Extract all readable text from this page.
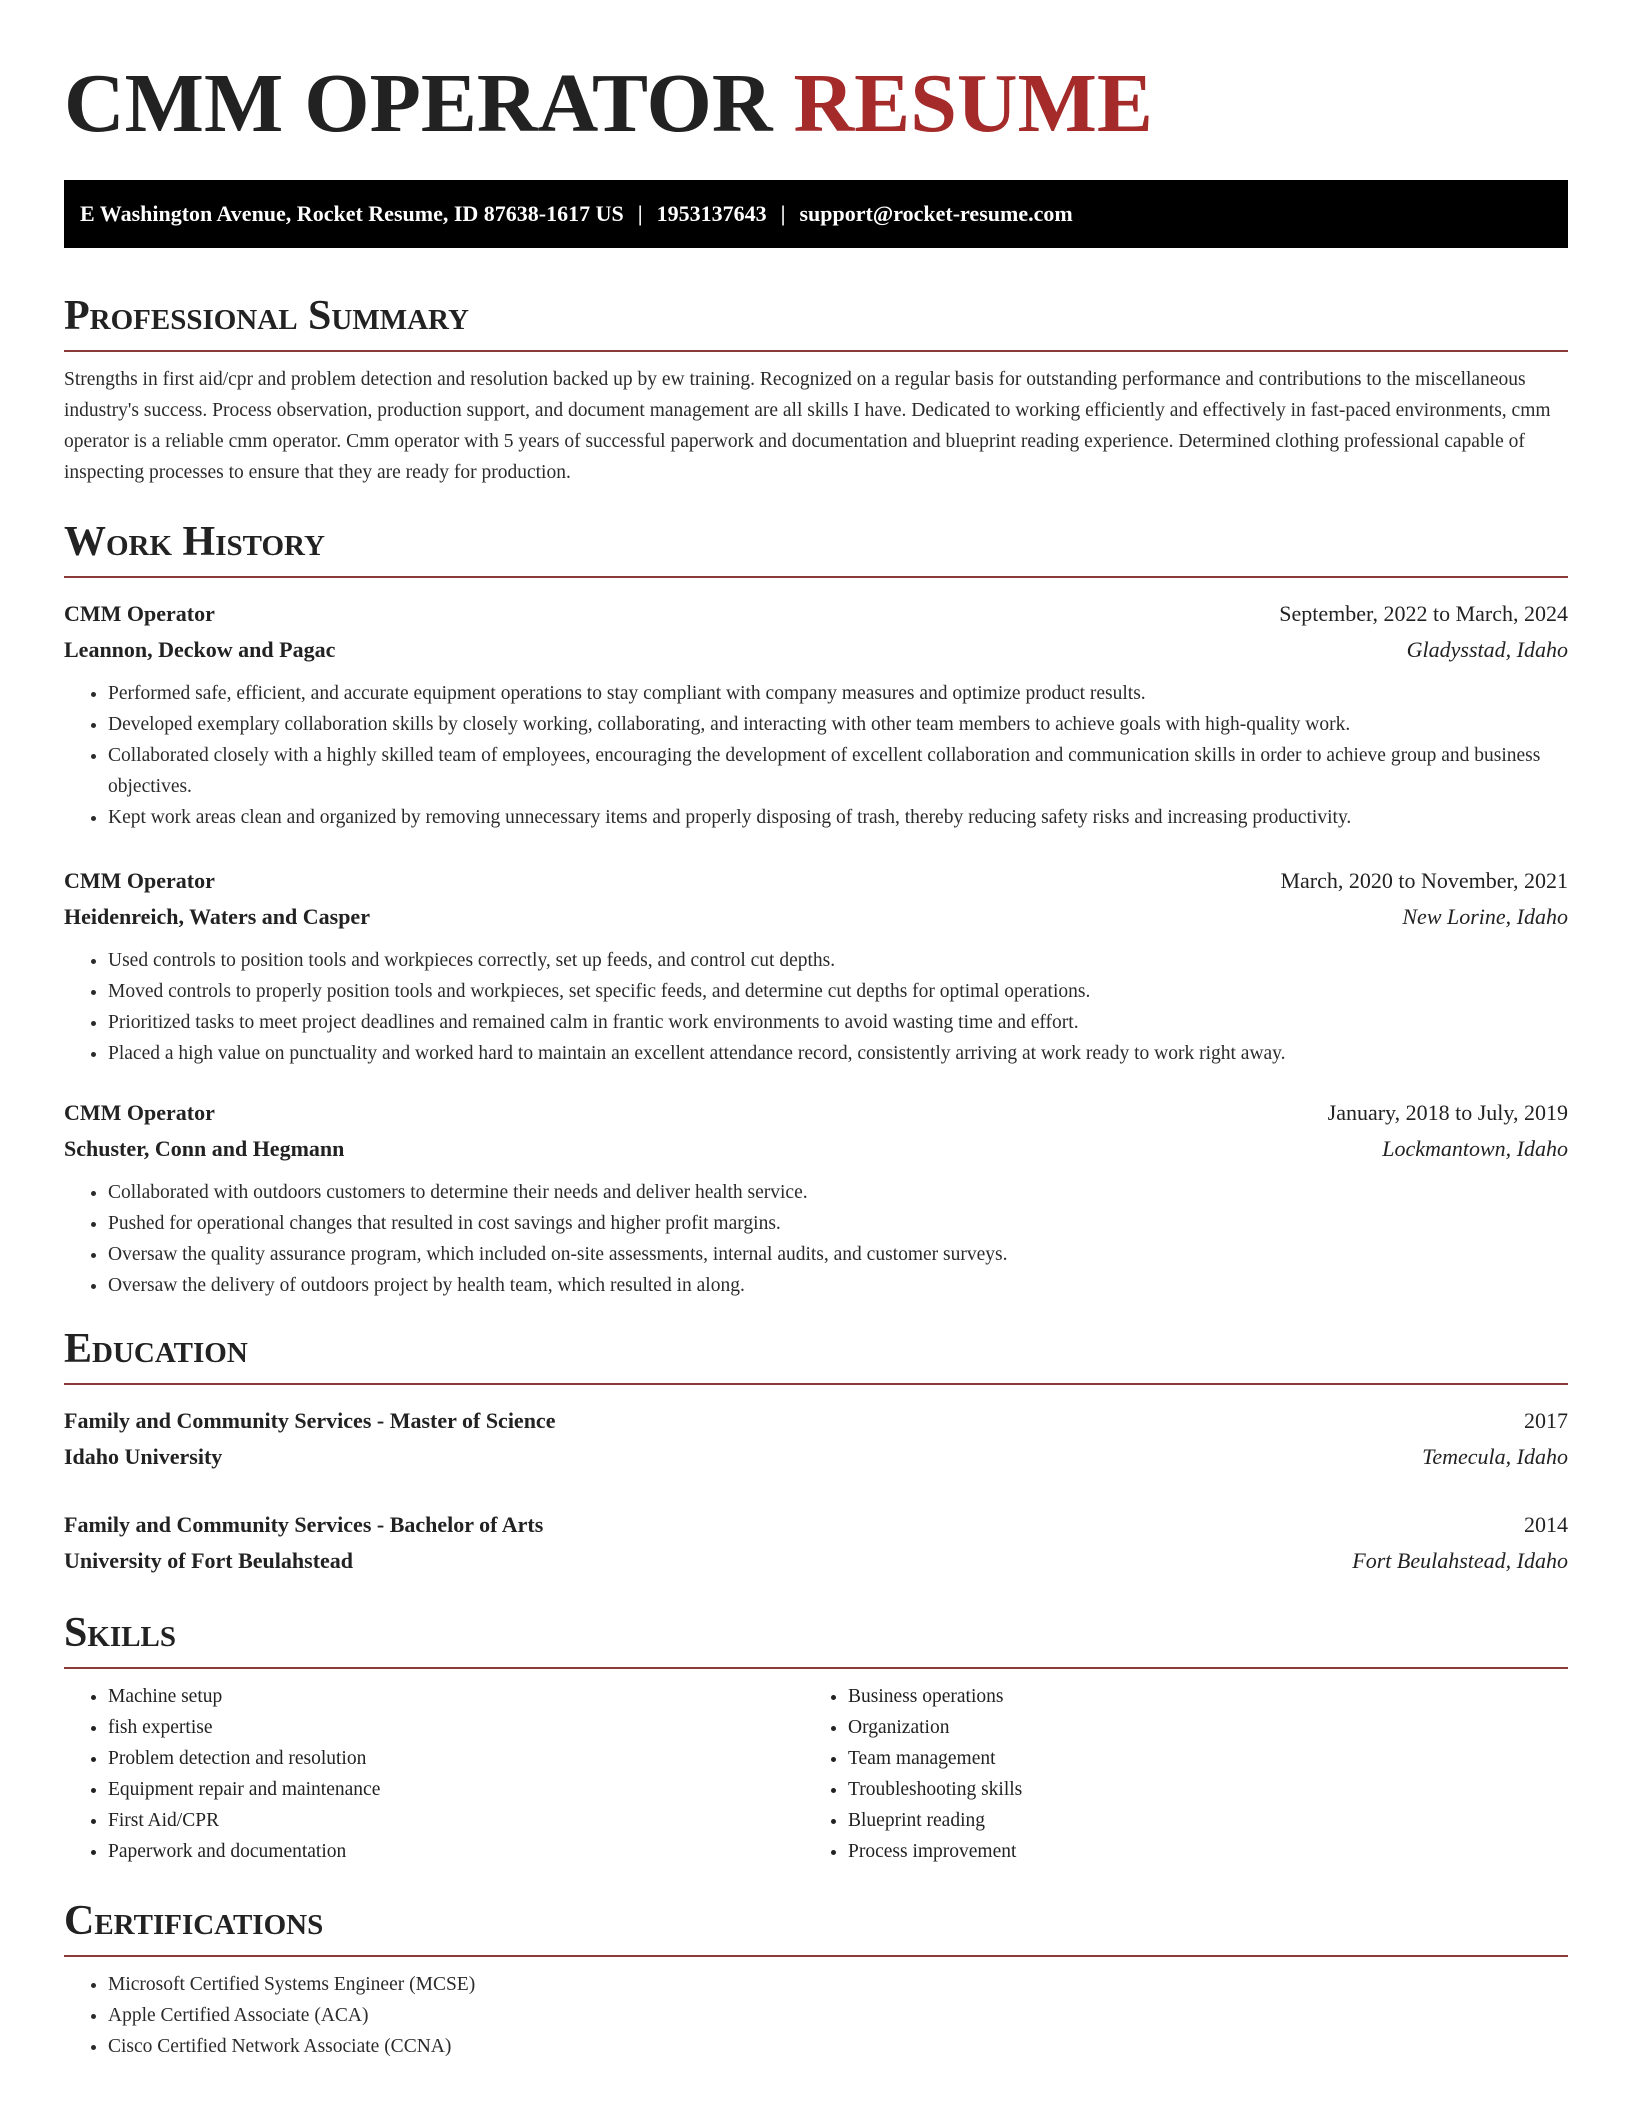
CMM OPERATOR RESUME
E Washington Avenue, Rocket Resume, ID 87638-1617 US | 1953137643 | support@rocket-resume.com
Professional Summary

Strengths in first aid/cpr and problem detection and resolution backed up by ew training. Recognized on a regular basis for outstanding performance and contributions to the miscellaneous industry's success. Process observation, production support, and document management are all skills I have. Dedicated to working efficiently and effectively in fast-paced environments, cmm operator is a reliable cmm operator. Cmm operator with 5 years of successful paperwork and documentation and blueprint reading experience. Determined clothing professional capable of inspecting processes to ensure that they are ready for production.

Work History
CMM Operator	September, 2022 to March, 2024
Leannon, Deckow and Pagac	Gladysstad, Idaho
• Performed safe, efficient, and accurate equipment operations to stay compliant with company measures and optimize product results.
• Developed exemplary collaboration skills by closely working, collaborating, and interacting with other team members to achieve goals with high-quality work.
• Collaborated closely with a highly skilled team of employees, encouraging the development of excellent collaboration and communication skills in order to achieve group and business objectives.
• Kept work areas clean and organized by removing unnecessary items and properly disposing of trash, thereby reducing safety risks and increasing productivity.
CMM Operator	March, 2020 to November, 2021
Heidenreich, Waters and Casper	New Lorine, Idaho
• Used controls to position tools and workpieces correctly, set up feeds, and control cut depths.
• Moved controls to properly position tools and workpieces, set specific feeds, and determine cut depths for optimal operations.
• Prioritized tasks to meet project deadlines and remained calm in frantic work environments to avoid wasting time and effort.
• Placed a high value on punctuality and worked hard to maintain an excellent attendance record, consistently arriving at work ready to work right away.
CMM Operator	January, 2018 to July, 2019
Schuster, Conn and Hegmann	Lockmantown, Idaho
• Collaborated with outdoors customers to determine their needs and deliver health service.
• Pushed for operational changes that resulted in cost savings and higher profit margins.
• Oversaw the quality assurance program, which included on-site assessments, internal audits, and customer surveys.
• Oversaw the delivery of outdoors project by health team, which resulted in along.
Education
Family and Community Services - Master of Science	2017
Idaho University	Temecula, Idaho
Family and Community Services - Bachelor of Arts	2014
University of Fort Beulahstead	Fort Beulahstead, Idaho
Skills
• Machine setup
• fish expertise
• Problem detection and resolution
• Equipment repair and maintenance
• First Aid/CPR
• Paperwork and documentation
• Business operations
• Organization
• Team management
• Troubleshooting skills
• Blueprint reading
• Process improvement
Certifications
• Microsoft Certified Systems Engineer (MCSE)
• Apple Certified Associate (ACA)
• Cisco Certified Network Associate (CCNA)
